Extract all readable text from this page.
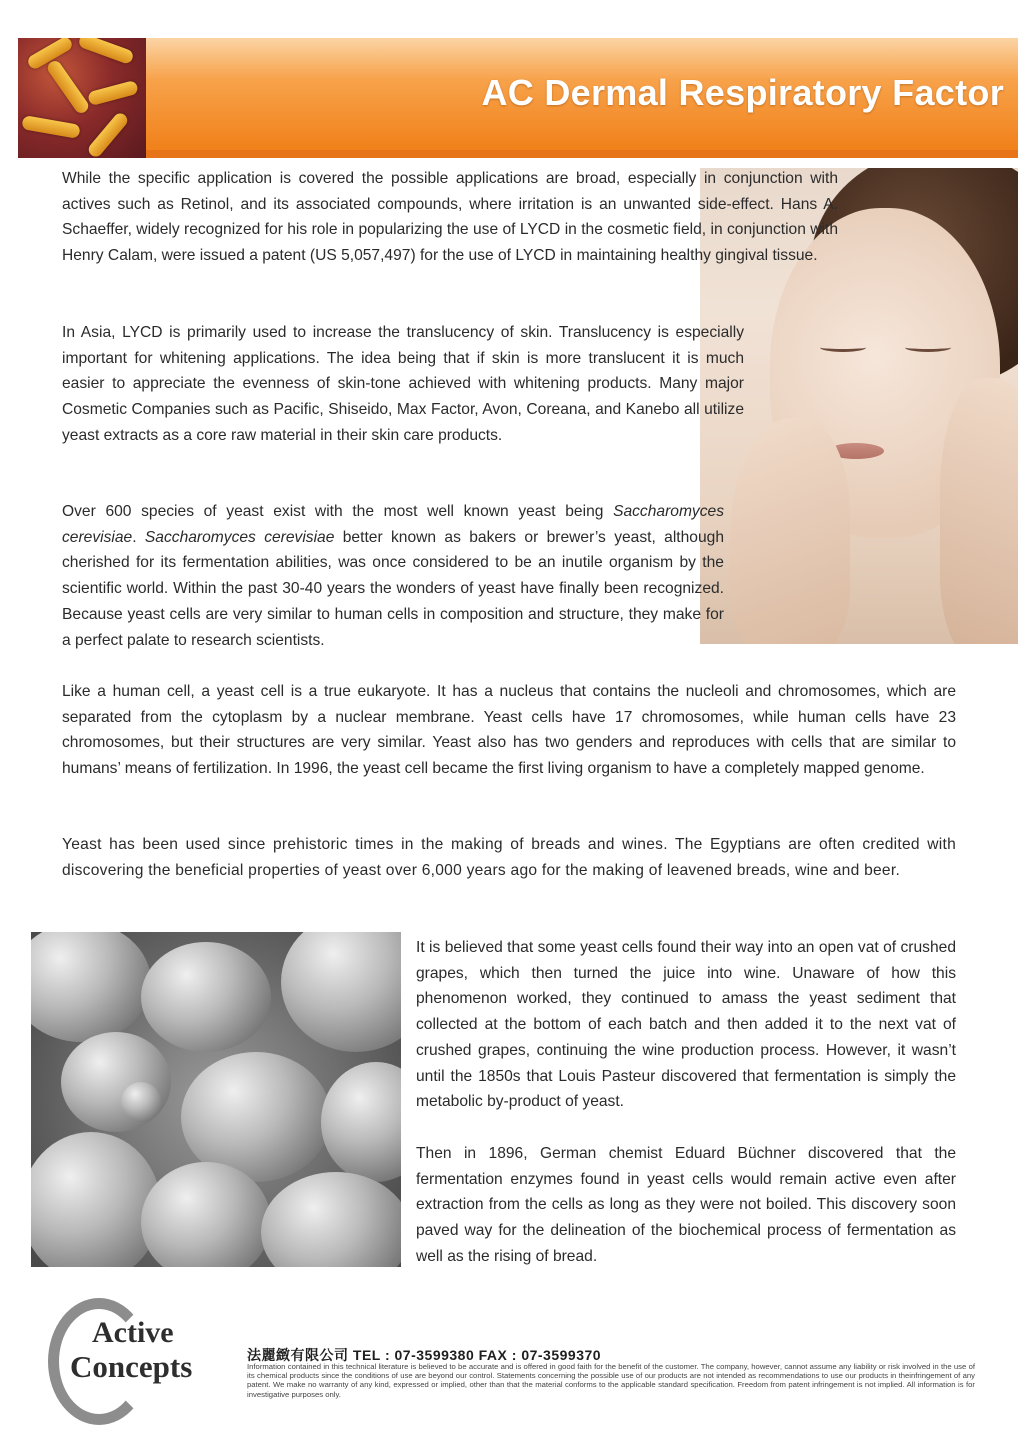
AC Dermal Respiratory Factor

While the specific application is covered the possible applications are broad, especially in conjunction with actives such as Retinol, and its associated compounds, where irritation is an unwanted side-effect. Hans A. Schaeffer, widely recognized for his role in popularizing the use of LYCD in the cosmetic field, in conjunction with Henry Calam, were issued a patent (US 5,057,497) for the use of LYCD in maintaining healthy gingival tissue.

In Asia, LYCD is primarily used to increase the translucency of skin. Translucency is especially important for whitening applications. The idea being that if skin is more translucent it is much easier to appreciate the evenness of skin-tone achieved with whitening products. Many major Cosmetic Companies such as Pacific, Shiseido, Max Factor, Avon, Coreana, and Kanebo all utilize yeast extracts as a core raw material in their skin care products.

Over 600 species of yeast exist with the most well known yeast being Saccharomyces cerevisiae. Saccharomyces cerevisiae better known as bakers or brewer’s yeast, although cherished for its fermentation abilities, was once considered to be an inutile organism by the scientific world. Within the past 30-40 years the wonders of yeast have finally been recognized. Because yeast cells are very similar to human cells in composition and structure, they make for a perfect palate to research scientists.

Like a human cell, a yeast cell is a true eukaryote. It has a nucleus that contains the nucleoli and chromosomes, which are separated from the cytoplasm by a nuclear membrane. Yeast cells have 17 chromosomes, while human cells have 23 chromosomes, but their structures are very similar. Yeast also has two genders and reproduces with cells that are similar to humans’ means of fertilization. In 1996, the yeast cell became the first living organism to have a completely mapped genome.

Yeast has been used since prehistoric times in the making of breads and wines. The Egyptians are often credited with discovering the beneficial properties of yeast over 6,000 years ago for the making of leavened breads, wine and beer.

It is believed that some yeast cells found their way into an open vat of crushed grapes, which then turned the juice into wine. Unaware of how this phenomenon worked, they continued to amass the yeast sediment that collected at the bottom of each batch and then added it to the next vat of crushed grapes, continuing the wine production process. However, it wasn’t until the 1850s that Louis Pasteur discovered that fermentation is simply the metabolic by-product of yeast.

Then in 1896, German chemist Eduard Büchner discovered that the fermentation enzymes found in yeast cells would remain active even after extraction from the cells as long as they were not boiled. This discovery soon paved way for the delineation of the biochemical process of fermentation as well as the rising of bread.

Active
Concepts	法麗緻有限公司 TEL : 07-3599380 FAX : 07-3599370

Information contained in this technical literature is believed to be accurate and is offered in good faith for the benefit of the customer. The company, however, cannot assume any liability or risk involved in the use of its chemical products since the conditions of use are beyond our control. Statements concerning the possible use of our products are not intended as recommendations to use our products in theinfringement of any patent. We make no warranty of any kind, expressed or implied, other than that the material conforms to the applicable standard specification. Freedom from patent infringement is not implied. All information is for investigative purposes only.
